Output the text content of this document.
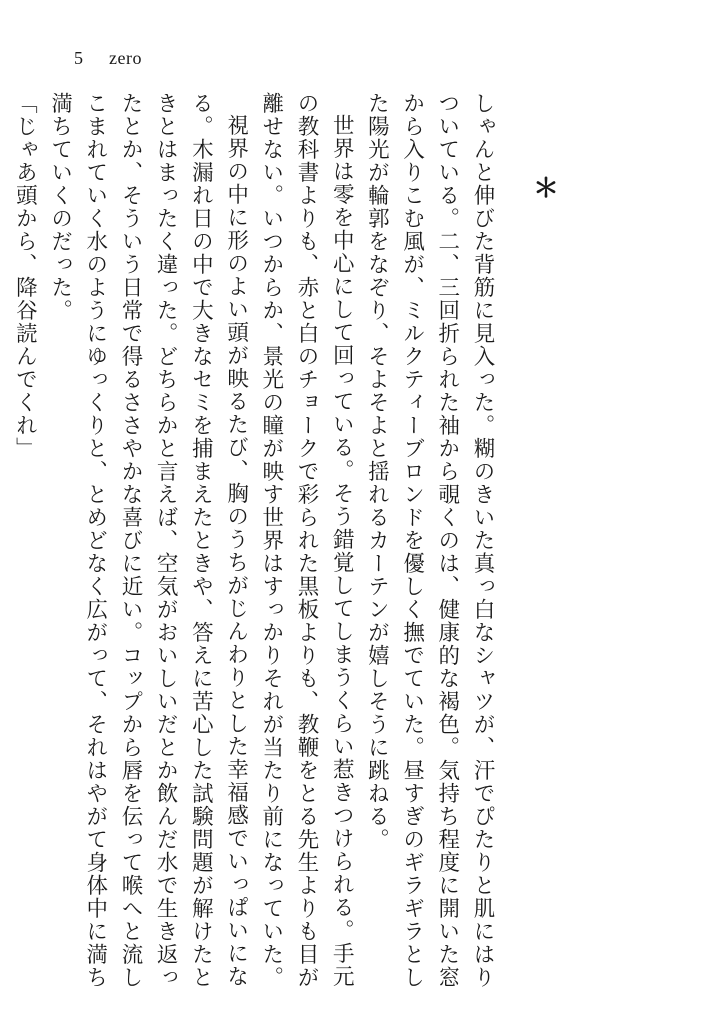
5 zero
＊

しゃんと伸びた背筋に見入った。糊のきいた真っ白なシャツが、汗でぴたりと肌にはりついている。二、三回折られた袖から覗くのは、健康的な褐色。気持ち程度に開いた窓から入りこむ風が、ミルクティーブロンドを優しく撫でていた。昼すぎのギラギラとした陽光が輪郭をなぞり、そよそよと揺れるカーテンが嬉しそうに跳ねる。

世界は零を中心にして回っている。そう錯覚してしまうくらい惹きつけられる。手元の教科書よりも、赤と白のチョークで彩られた黒板よりも、教鞭をとる先生よりも目が離せない。いつからか、景光の瞳が映す世界はすっかりそれが当たり前になっていた。

視界の中に形のよい頭が映るたび、胸のうちがじんわりとした幸福感でいっぱいになる。木漏れ日の中で大きなセミを捕まえたときや、答えに苦心した試験問題が解けたときとはまったく違った。どちらかと言えば、空気がおいしいだとか飲んだ水で生き返ったとか、そういう日常で得るささやかな喜びに近い。コップから唇を伝って喉へと流しこまれていく水のようにゆっくりと、とめどなく広がって、それはやがて身体中に満ち満ちていくのだった。

「じゃあ頭から、降谷読んでくれ」
